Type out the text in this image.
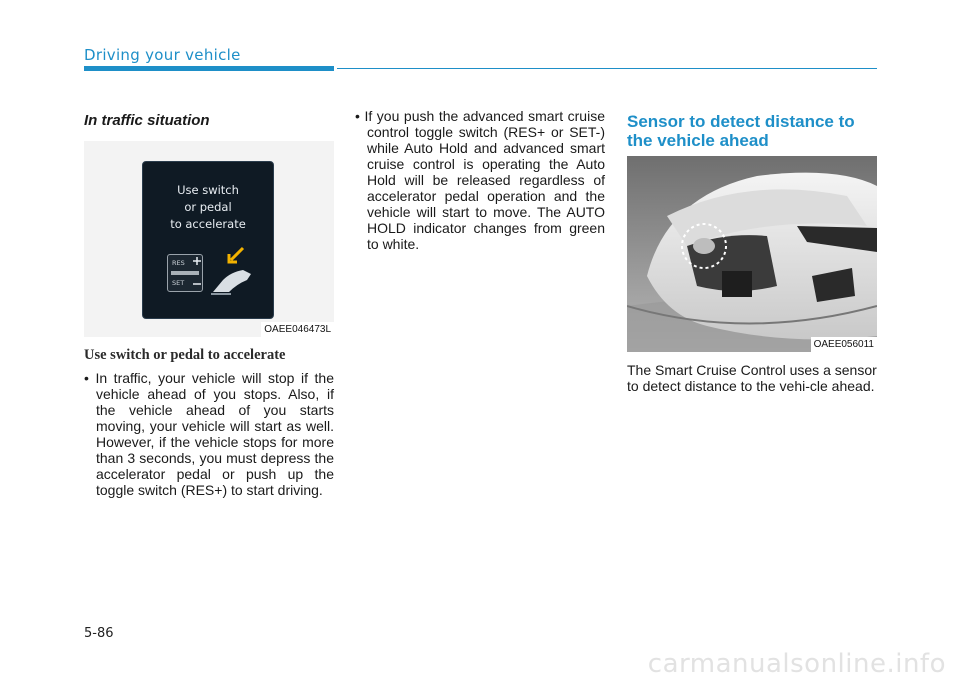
Driving your vehicle
In traffic situation
Use switch
or pedal
to accelerate
RES
SET
OAEE046473L
Use switch or pedal to accelerate

• In traffic, your vehicle will stop if the vehicle ahead of you stops. Also, if the vehicle ahead of you starts moving, your vehicle will start as well. However, if the vehicle stops for more than 3 seconds, you must depress the accelerator pedal or push up the toggle switch (RES+) to start driving.

• If you push the advanced smart cruise control toggle switch (RES+ or SET-) while Auto Hold and advanced smart cruise control is operating the Auto Hold will be released regardless of accelerator pedal operation and the vehicle will start to move. The AUTO HOLD indicator changes from green to white.

Sensor to detect distance to the vehicle ahead
OAEE056011

The Smart Cruise Control uses a sensor to detect distance to the vehi-cle ahead.

5-86
carmanualsonline.info
